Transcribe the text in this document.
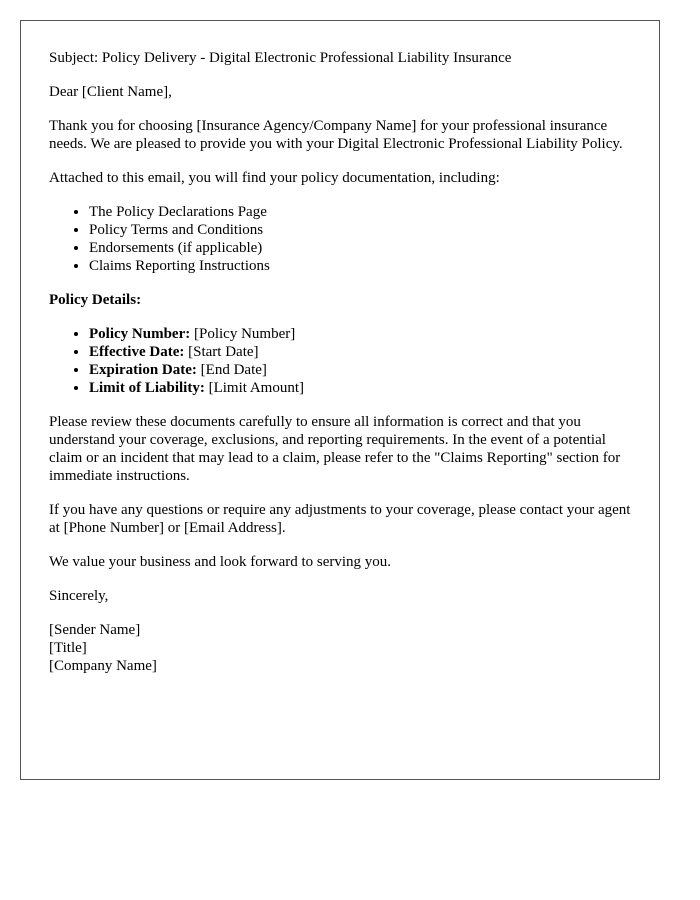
Subject: Policy Delivery - Digital Electronic Professional Liability Insurance

Dear [Client Name],

Thank you for choosing [Insurance Agency/Company Name] for your professional insurance needs. We are pleased to provide you with your Digital Electronic Professional Liability Policy.

Attached to this email, you will find your policy documentation, including:

• The Policy Declarations Page
• Policy Terms and Conditions
• Endorsements (if applicable)
• Claims Reporting Instructions

Policy Details:

• Policy Number: [Policy Number]
• Effective Date: [Start Date]
• Expiration Date: [End Date]
• Limit of Liability: [Limit Amount]

Please review these documents carefully to ensure all information is correct and that you understand your coverage, exclusions, and reporting requirements. In the event of a potential claim or an incident that may lead to a claim, please refer to the "Claims Reporting" section for immediate instructions.

If you have any questions or require any adjustments to your coverage, please contact your agent at [Phone Number] or [Email Address].

We value your business and look forward to serving you.

Sincerely,

[Sender Name]
[Title]
[Company Name]
